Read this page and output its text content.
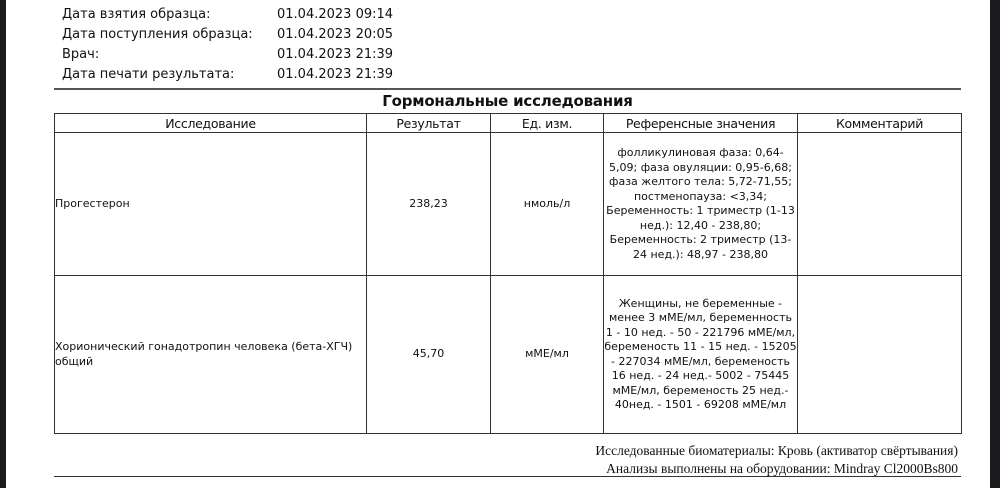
Дата взятия образца:	01.04.2023 09:14
Дата поступления образца: 01.04.2023 20:05
Врач:	01.04.2023 21:39
Дата печати результата:	01.04.2023 21:39
Гормональные исследования
Исследование	Результат	Ед. изм.	Референсные значения	Комментарий
Прогестерон	238,23	нмоль/л	фолликулиновая фаза: 0,64-5,09; фаза овуляции: 0,95-6,68; фаза желтого тела: 5,72-71,55; постменопауза: <3,34; Беременность: 1 триместр (1-13 нед.): 12,40 - 238,80; Беременность: 2 триместр (13-24 нед.): 48,97 - 238,80	
Хорионический гонадотропин человека (бета-ХГЧ) общий	45,70	мМЕ/мл	Женщины, не беременные - менее 3 мМЕ/мл, беременность 1 - 10 нед. - 50 - 221796 мМЕ/мл, беременость 11 - 15 нед. - 15205 - 227034 мМЕ/мл, беременость 16 нед. - 24 нед.- 5002 - 75445 мМЕ/мл, беременость 25 нед.- 40нед. - 1501 - 69208 мМЕ/мл	
Исследованные биоматериалы: Кровь (активатор свёртывания)
Анализы выполнены на оборудовании: Mindray Cl2000Bs800
